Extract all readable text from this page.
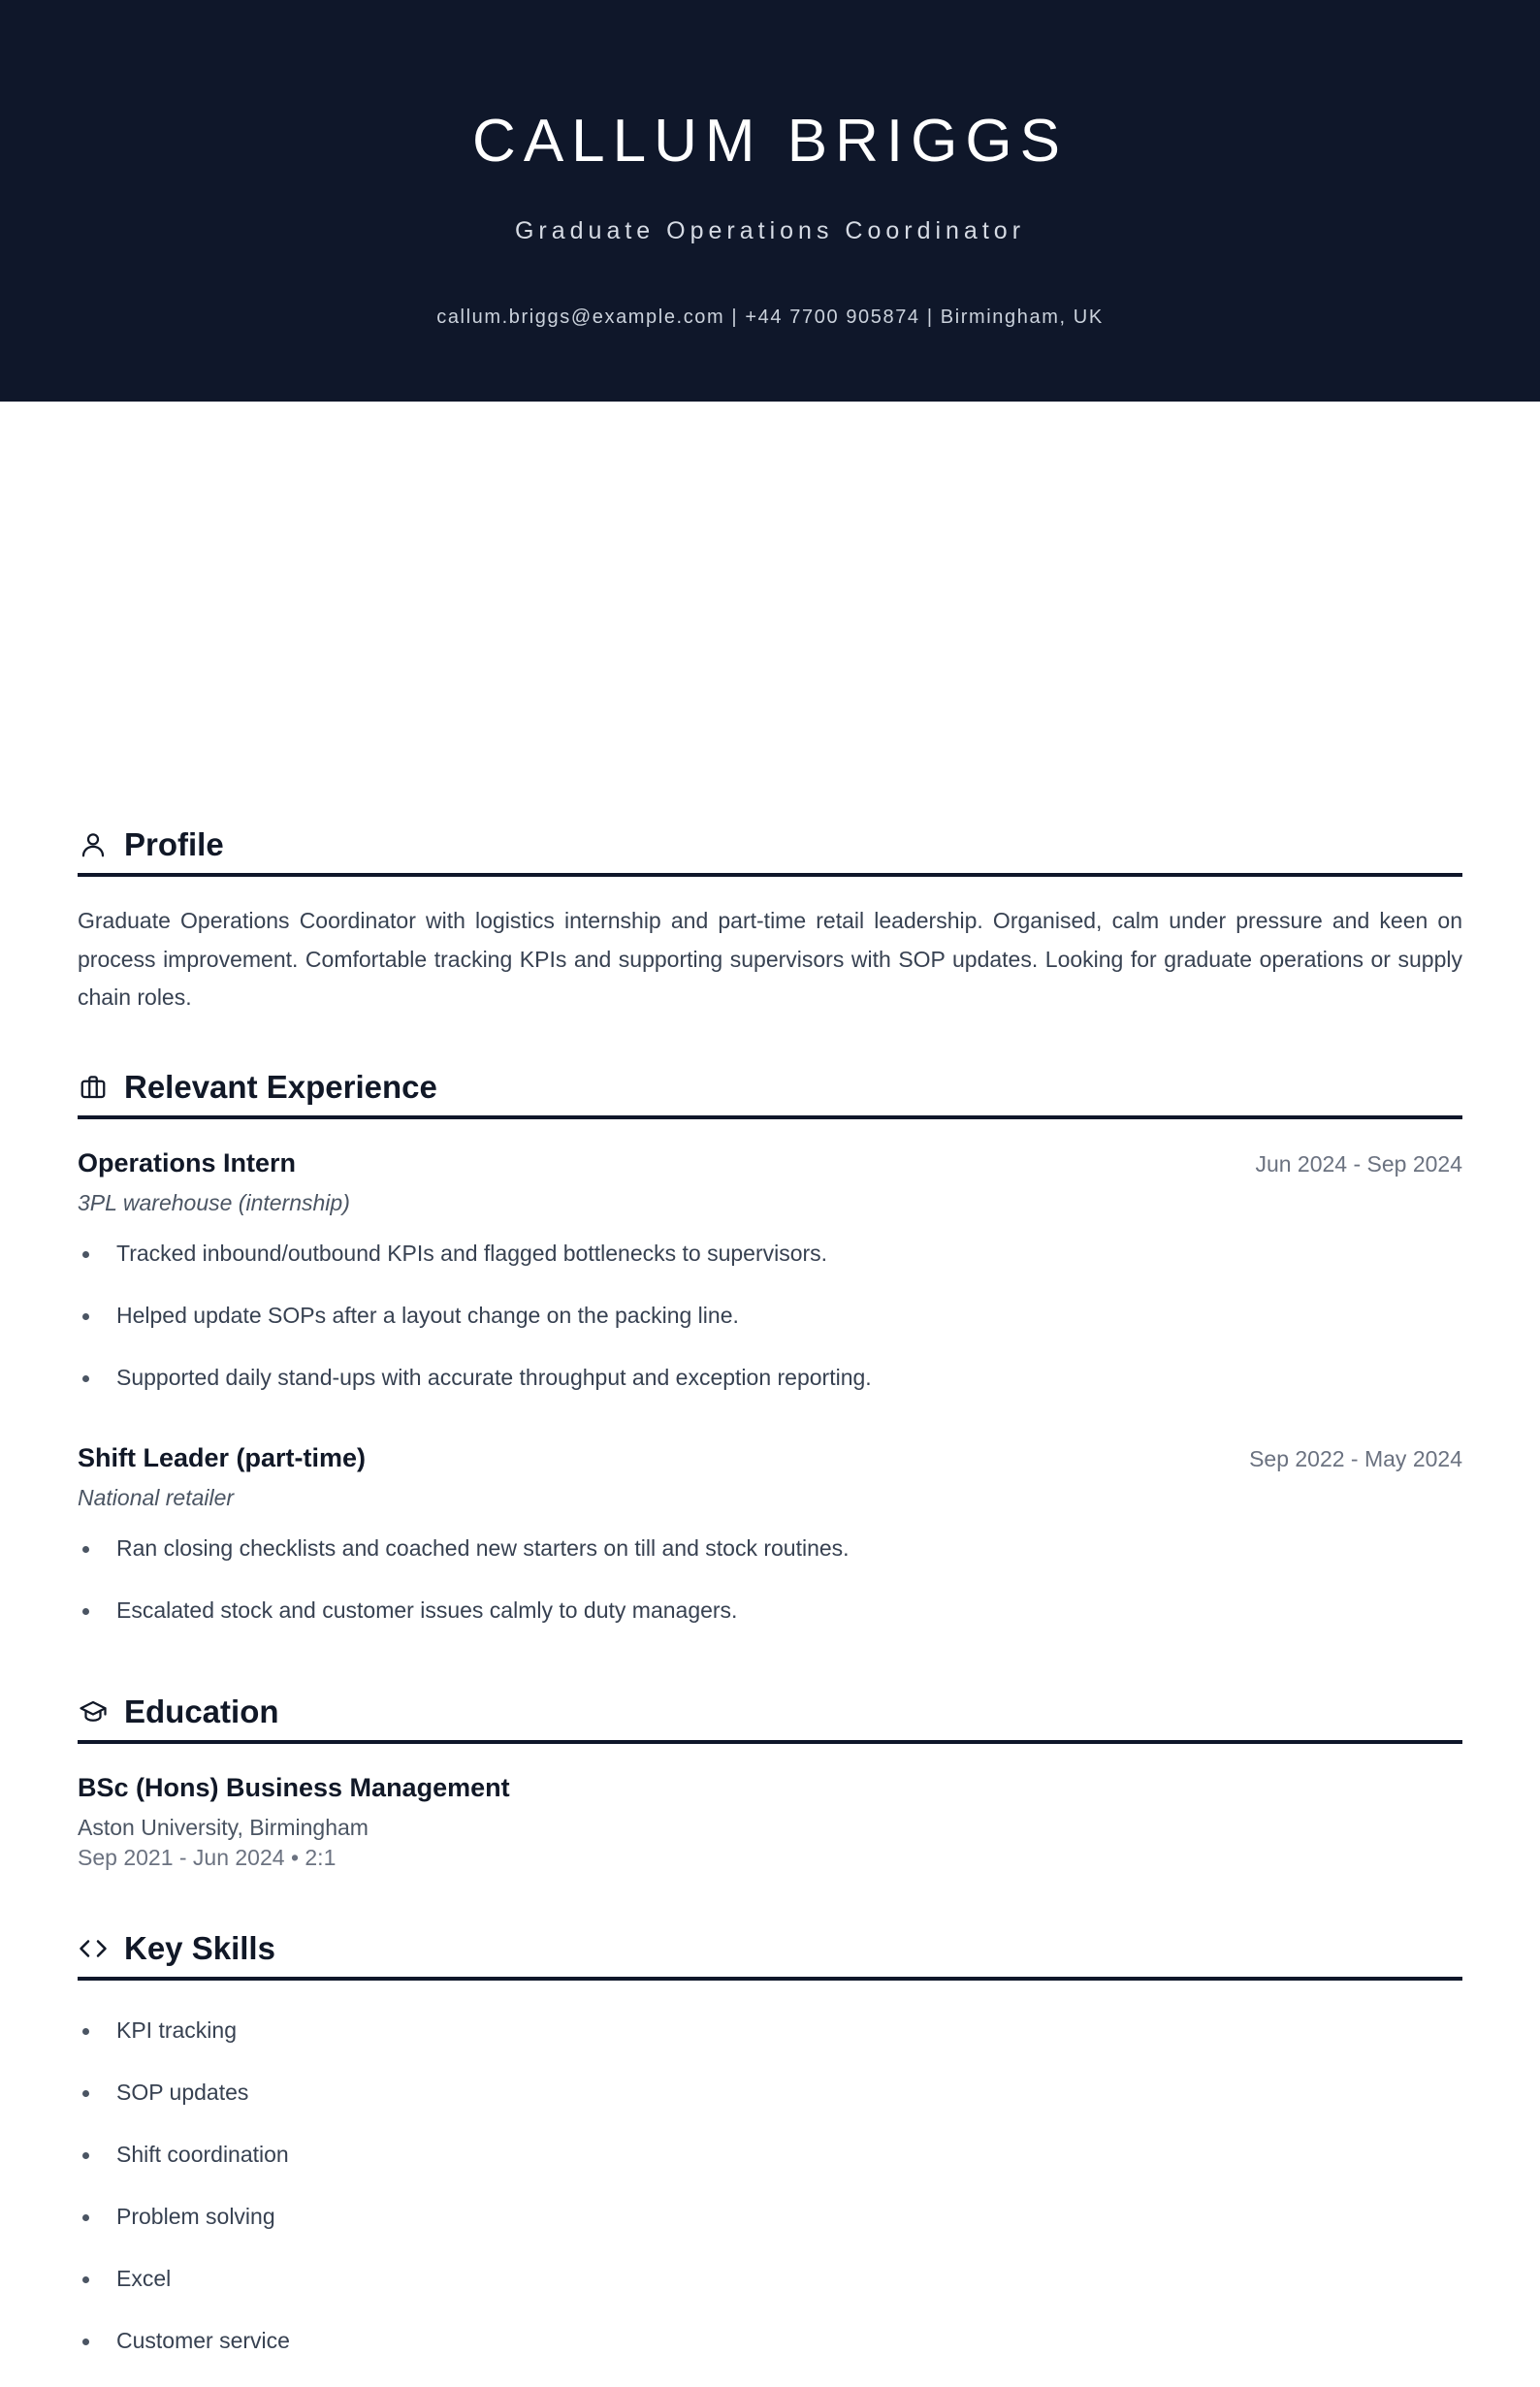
CALLUM BRIGGS
Graduate Operations Coordinator
callum.briggs@example.com | +44 7700 905874 | Birmingham, UK
Profile

Graduate Operations Coordinator with logistics internship and part-time retail leadership. Organised, calm under pressure and keen on process improvement. Comfortable tracking KPIs and supporting supervisors with SOP updates. Looking for graduate operations or supply chain roles.

Relevant Experience
Operations Intern	Jun 2024 - Sep 2024
3PL warehouse (internship)
Tracked inbound/outbound KPIs and flagged bottlenecks to supervisors.
Helped update SOPs after a layout change on the packing line.
Supported daily stand-ups with accurate throughput and exception reporting.
Shift Leader (part-time)	Sep 2022 - May 2024
National retailer
Ran closing checklists and coached new starters on till and stock routines.
Escalated stock and customer issues calmly to duty managers.
Education
BSc (Hons) Business Management
Aston University, Birmingham
Sep 2021 - Jun 2024 • 2:1
Key Skills
KPI tracking
SOP updates
Shift coordination
Problem solving
Excel
Customer service
